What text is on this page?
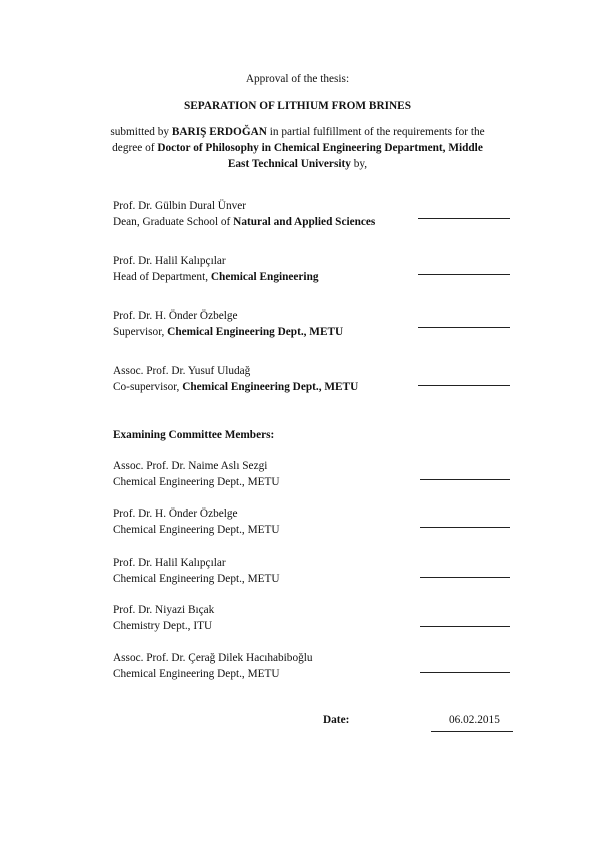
Approval of the thesis:
SEPARATION OF LITHIUM FROM BRINES
submitted by BARIŞ ERDOĞAN in partial fulfillment of the requirements for the
degree of Doctor of Philosophy in Chemical Engineering Department, Middle
East Technical University by,
Prof. Dr. Gülbin Dural Ünver
Dean, Graduate School of Natural and Applied Sciences
Prof. Dr. Halil Kalıpçılar
Head of Department, Chemical Engineering
Prof. Dr. H. Önder Özbelge
Supervisor, Chemical Engineering Dept., METU
Assoc. Prof. Dr. Yusuf Uludağ
Co-supervisor, Chemical Engineering Dept., METU
Examining Committee Members:
Assoc. Prof. Dr. Naime Aslı Sezgi
Chemical Engineering Dept., METU
Prof. Dr. H. Önder Özbelge
Chemical Engineering Dept., METU
Prof. Dr. Halil Kalıpçılar
Chemical Engineering Dept., METU
Prof. Dr. Niyazi Bıçak
Chemistry Dept., ITU
Assoc. Prof. Dr. Çerağ Dilek Hacıhabiboğlu
Chemical Engineering Dept., METU
Date:	06.02.2015
